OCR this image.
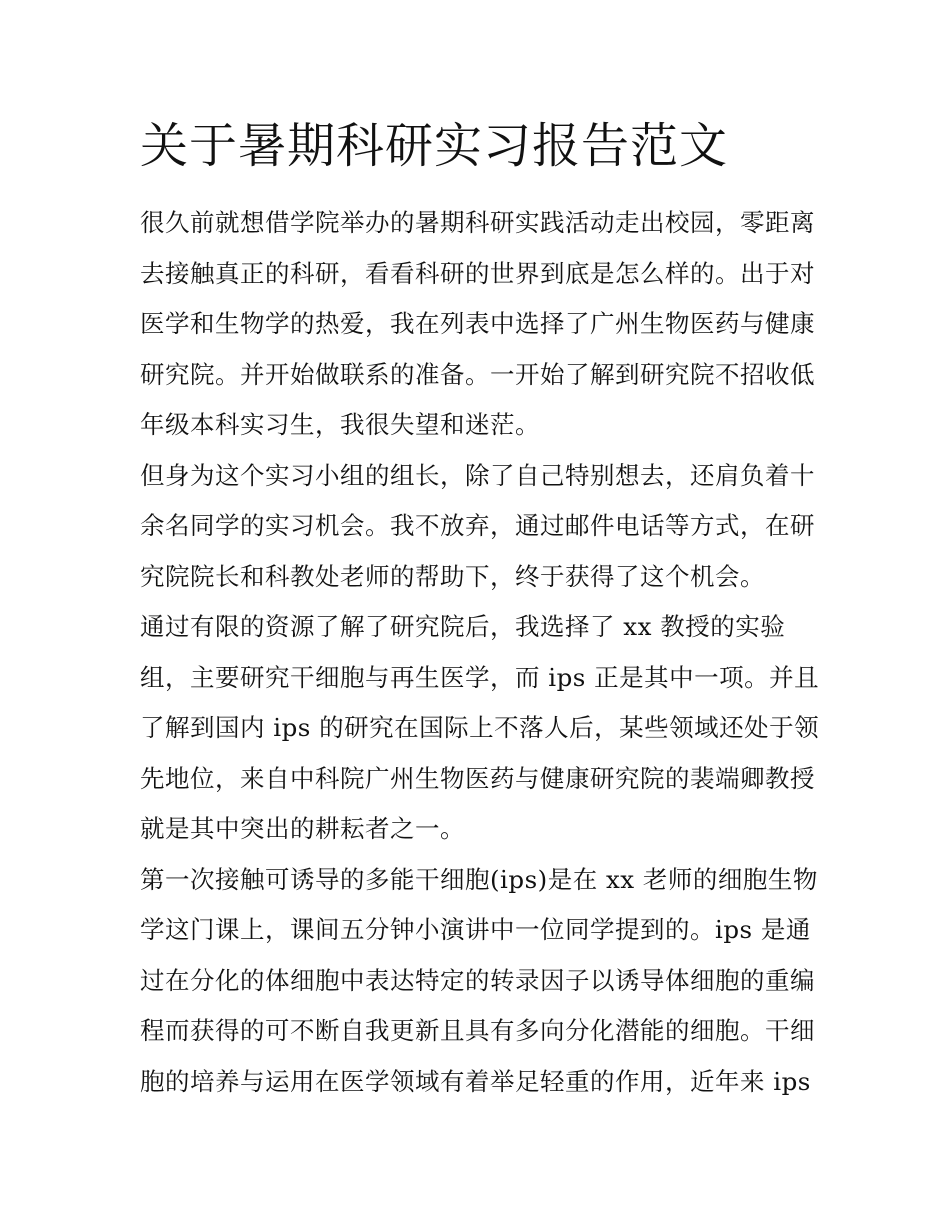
关于暑期科研实习报告范文
很久前就想借学院举办的暑期科研实践活动走出校园，零距离
去接触真正的科研，看看科研的世界到底是怎么样的。出于对
医学和生物学的热爱，我在列表中选择了广州生物医药与健康
研究院。并开始做联系的准备。一开始了解到研究院不招收低
年级本科实习生，我很失望和迷茫。
但身为这个实习小组的组长，除了自己特别想去，还肩负着十
余名同学的实习机会。我不放弃，通过邮件电话等方式，在研
究院院长和科教处老师的帮助下，终于获得了这个机会。
通过有限的资源了解了研究院后，我选择了 xx 教授的实验
组，主要研究干细胞与再生医学，而 ips 正是其中一项。并且
了解到国内 ips 的研究在国际上不落人后，某些领域还处于领
先地位，来自中科院广州生物医药与健康研究院的裴端卿教授
就是其中突出的耕耘者之一。
第一次接触可诱导的多能干细胞(ips)是在 xx 老师的细胞生物
学这门课上，课间五分钟小演讲中一位同学提到的。ips 是通
过在分化的体细胞中表达特定的转录因子以诱导体细胞的重编
程而获得的可不断自我更新且具有多向分化潜能的细胞。干细
胞的培养与运用在医学领域有着举足轻重的作用，近年来 ips
